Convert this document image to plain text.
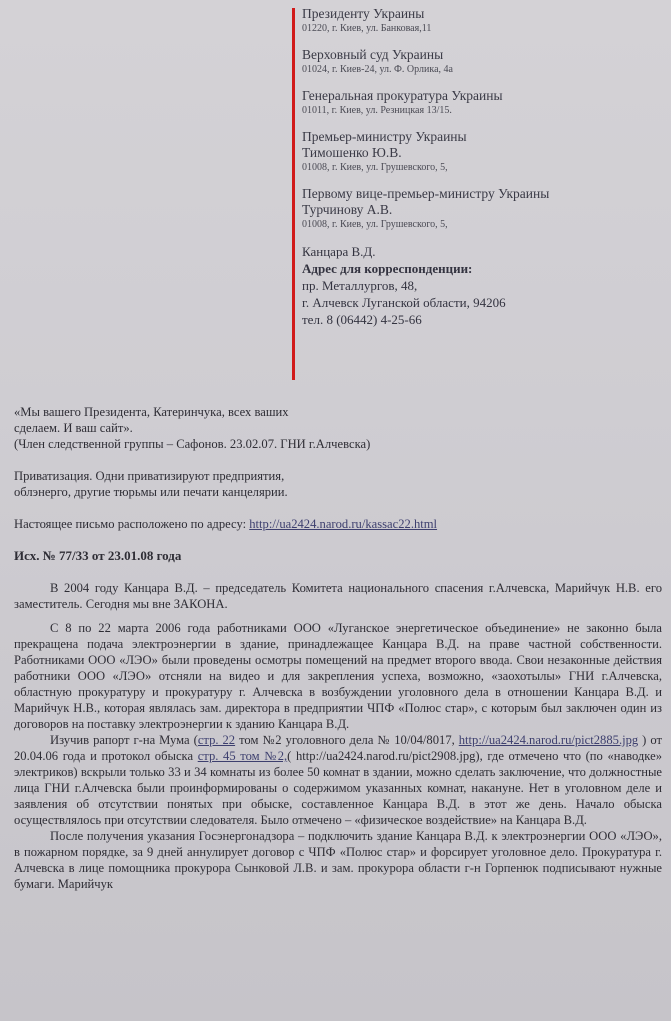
Президенту Украины
01220, г. Киев, ул. Банковая,11
Верховный суд Украины
01024, г. Киев-24, ул. Ф. Орлика, 4а
Генеральная прокуратура Украины
01011, г. Киев, ул. Резницкая 13/15.
Премьер-министру Украины
Тимошенко Ю.В.
01008, г. Киев, ул. Грушевского, 5,
Первому вице-премьер-министру Украины
Турчинову А.В.
01008, г. Киев, ул. Грушевского, 5,
Канцара В.Д.
Адрес для корреспонденции:
пр. Металлургов, 48,
г. Алчевск Луганской области, 94206
тел. 8 (06442) 4-25-66

«Мы вашего Президента, Катеринчука, всех ваших

сделаем. И ваш сайт».

(Член следственной группы – Сафонов. 23.02.07. ГНИ г.Алчевска)

Приватизация. Одни приватизируют предприятия,

облэнерго, другие тюрьмы или печати канцелярии.

Настоящее письмо расположено по адресу: http://ua2424.narod.ru/kassac22.html

Исх. № 77/33 от 23.01.08 года

В 2004 году Канцара В.Д. – председатель Комитета национального спасения г.Алчевска, Марийчук Н.В. его заместитель. Сегодня мы вне ЗАКОНА.

С 8 по 22 марта 2006 года работниками ООО «Луганское энергетическое объединение» не законно была прекращена подача электроэнергии в здание, принадлежащее Канцара В.Д. на праве частной собственности. Работниками ООО «ЛЭО» были проведены осмотры помещений на предмет второго ввода. Свои незаконные действия работники ООО «ЛЭО» отсняли на видео и для закрепления успеха, возможно, «заохотылы» ГНИ г.Алчевска, областную прокуратуру и прокуратуру г. Алчевска в возбуждении уголовного дела в отношении Канцара В.Д. и Марийчук Н.В., которая являлась зам. директора в предприятии ЧПФ «Полюс стар», с которым был заключен один из договоров на поставку электроэнергии к зданию Канцара В.Д.

Изучив рапорт г-на Мума (стр. 22 том №2 уголовного дела № 10/04/8017, http://ua2424.narod.ru/pict2885.jpg ) от 20.04.06 года и протокол обыска стр. 45 том №2,( http://ua2424.narod.ru/pict2908.jpg), где отмечено что (по «наводке» электриков) вскрыли только 33 и 34 комнаты из более 50 комнат в здании, можно сделать заключение, что должностные лица ГНИ г.Алчевска были проинформированы о содержимом указанных комнат, накануне. Нет в уголовном деле и заявления об отсутствии понятых при обыске, составленное Канцара В.Д. в этот же день. Начало обыска осуществлялось при отсутствии следователя. Было отмечено – «физическое воздействие» на Канцара В.Д.

После получения указания Госэнергонадзора – подключить здание Канцара В.Д. к электроэнергии ООО «ЛЭО», в пожарном порядке, за 9 дней аннулирует договор с ЧПФ «Полюс стар» и форсирует уголовное дело. Прокуратура г. Алчевска в лице помощника прокурора Сынковой Л.В. и зам. прокурора области г-н Горпенюк подписывают нужные бумаги. Марийчук
